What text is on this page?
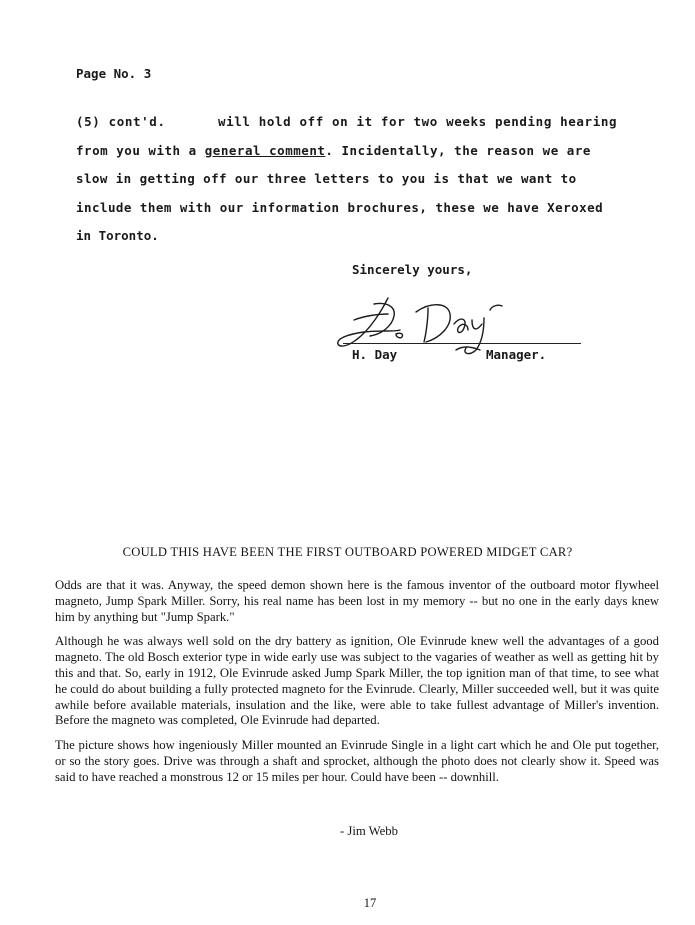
Page No. 3
(5) cont'd.	will hold off on it for two weeks pending hearing
from you with a general comment. Incidentally, the reason we are
slow in getting off our three letters to you is that we want to
include them with our information brochures, these we have Xeroxed
in Toronto.
Sincerely yours,
H. Day	Manager.
COULD THIS HAVE BEEN THE FIRST OUTBOARD POWERED MIDGET CAR?

Odds are that it was. Anyway, the speed demon shown here is the famous inventor of the outboard motor flywheel magneto, Jump Spark Miller. Sorry, his real name has been lost in my memory -- but no one in the early days knew him by anything but "Jump Spark."

Although he was always well sold on the dry battery as ignition, Ole Evinrude knew well the advantages of a good magneto. The old Bosch exterior type in wide early use was subject to the vagaries of weather as well as getting hit by this and that. So, early in 1912, Ole Evinrude asked Jump Spark Miller, the top ignition man of that time, to see what he could do about building a fully protected magneto for the Evinrude. Clearly, Miller succeeded well, but it was quite awhile before available materials, insulation and the like, were able to take fullest advantage of Miller's invention. Before the magneto was completed, Ole Evinrude had departed.

The picture shows how ingeniously Miller mounted an Evinrude Single in a light cart which he and Ole put together, or so the story goes. Drive was through a shaft and sprocket, although the photo does not clearly show it. Speed was said to have reached a monstrous 12 or 15 miles per hour. Could have been -- downhill.

- Jim Webb
17
